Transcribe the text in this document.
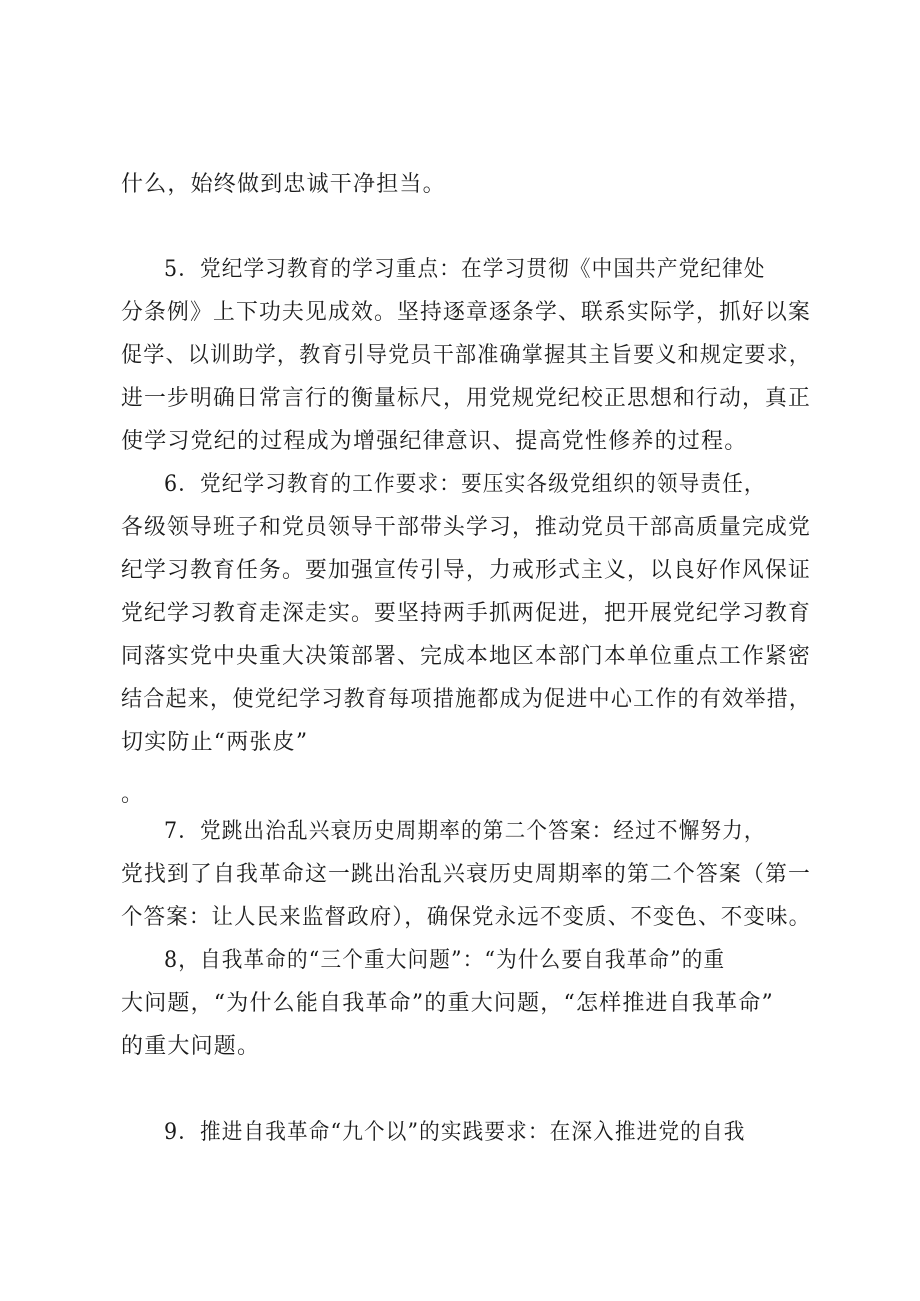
什么，始终做到忠诚干净担当。
5．党纪学习教育的学习重点：在学习贯彻《中国共产党纪律处
分条例》上下功夫见成效。坚持逐章逐条学、联系实际学，抓好以案
促学、以训助学，教育引导党员干部准确掌握其主旨要义和规定要求，
进一步明确日常言行的衡量标尺，用党规党纪校正思想和行动，真正
使学习党纪的过程成为增强纪律意识、提高党性修养的过程。
6．党纪学习教育的工作要求：要压实各级党组织的领导责任，
各级领导班子和党员领导干部带头学习，推动党员干部高质量完成党
纪学习教育任务。要加强宣传引导，力戒形式主义，以良好作风保证
党纪学习教育走深走实。要坚持两手抓两促进，把开展党纪学习教育
同落实党中央重大决策部署、完成本地区本部门本单位重点工作紧密
结合起来，使党纪学习教育每项措施都成为促进中心工作的有效举措，
切实防止“两张皮”
。
7．党跳出治乱兴衰历史周期率的第二个答案：经过不懈努力，
党找到了自我革命这一跳出治乱兴衰历史周期率的第二个答案（第一
个答案：让人民来监督政府），确保党永远不变质、不变色、不变味。
8，自我革命的“三个重大问题”：“为什么要自我革命”的重
大问题，“为什么能自我革命”的重大问题，“怎样推进自我革命”
的重大问题。
9．推进自我革命“九个以”的实践要求：在深入推进党的自我
